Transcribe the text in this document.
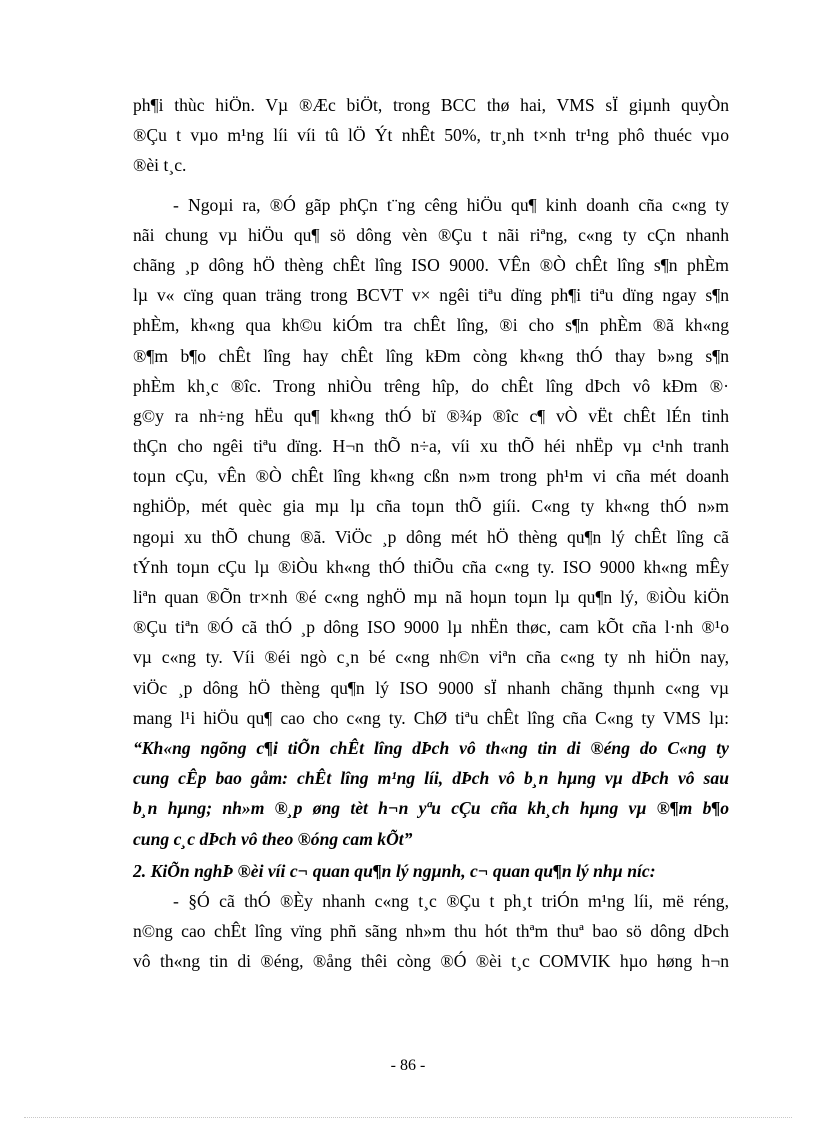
ph¶i thùc hiÖn. Vµ ®Æc biÖt, trong BCC thø hai, VMS sÏ giµnh quyÒn
®Çu t vµo m¹ng líi víi tû lÖ Ýt nhÊt 50%, tr¸nh t×nh tr¹ng phô thuéc vµo
®èi t¸c.
- Ngoµi ra, ®Ó gãp phÇn t¨ng cêng hiÖu qu¶ kinh doanh cña c«ng ty
nãi chung vµ hiÖu qu¶ sö dông vèn ®Çu t nãi riªng, c«ng ty cÇn nhanh
chãng ¸p dông hÖ thèng chÊt lîng ISO 9000. VÊn ®Ò chÊt lîng s¶n phÈm
lµ v« cïng quan träng trong BCVT v× ngêi tiªu dïng ph¶i tiªu dïng ngay s¶n
phÈm, kh«ng qua kh©u kiÓm tra chÊt lîng, ®i cho s¶n phÈm ®ã kh«ng
®¶m b¶o chÊt lîng hay chÊt lîng kÐm còng kh«ng thÓ thay b»ng s¶n
phÈm kh¸c ®îc. Trong nhiÒu trêng hîp, do chÊt lîng dÞch vô kÐm ®·
g©y ra nh÷ng hËu qu¶ kh«ng thÓ bï ®¾p ®îc c¶ vÒ vËt chÊt lÉn tinh
thÇn cho ngêi tiªu dïng. H¬n thÕ n÷a, víi xu thÕ héi nhËp vµ c¹nh tranh
toµn cÇu, vÊn ®Ò chÊt lîng kh«ng cßn n»m trong ph¹m vi cña mét doanh
nghiÖp, mét quèc gia mµ lµ cña toµn thÕ giíi. C«ng ty kh«ng thÓ n»m
ngoµi xu thÕ chung ®ã. ViÖc ¸p dông mét hÖ thèng qu¶n lý chÊt lîng cã
tÝnh toµn cÇu lµ ®iÒu kh«ng thÓ thiÕu cña c«ng ty. ISO 9000 kh«ng mÊy
liªn quan ®Õn tr×nh ®é c«ng nghÖ mµ nã hoµn toµn lµ qu¶n lý, ®iÒu kiÖn
®Çu tiªn ®Ó cã thÓ ¸p dông ISO 9000 lµ nhËn thøc, cam kÕt cña l·nh ®¹o
vµ c«ng ty. Víi ®éi ngò c¸n bé c«ng nh©n viªn cña c«ng ty nh hiÖn nay,
viÖc ¸p dông hÖ thèng qu¶n lý ISO 9000 sÏ nhanh chãng thµnh c«ng vµ
mang l¹i hiÖu qu¶ cao cho c«ng ty. ChØ tiªu chÊt lîng cña C«ng ty VMS lµ:
“Kh«ng ngõng c¶i tiÕn chÊt lîng dÞch vô th«ng tin di ®éng do C«ng ty
cung cÊp bao gåm: chÊt lîng m¹ng líi, dÞch vô b¸n hµng vµ dÞch vô sau
b¸n hµng; nh»m ®¸p øng tèt h¬n yªu cÇu cña kh¸ch hµng vµ ®¶m b¶o
cung c¸c dÞch vô theo ®óng cam kÕt”
2. KiÕn nghÞ ®èi víi c¬ quan qu¶n lý ngµnh, c¬ quan qu¶n lý nhµ níc:
- §Ó cã thÓ ®Èy nhanh c«ng t¸c ®Çu t ph¸t triÓn m¹ng líi, më réng,
n©ng cao chÊt lîng vïng phñ sãng nh»m thu hót thªm thuª bao sö dông dÞch
vô th«ng tin di ®éng, ®ång thêi còng ®Ó ®èi t¸c COMVIK hµo høng h¬n
- 86 -
